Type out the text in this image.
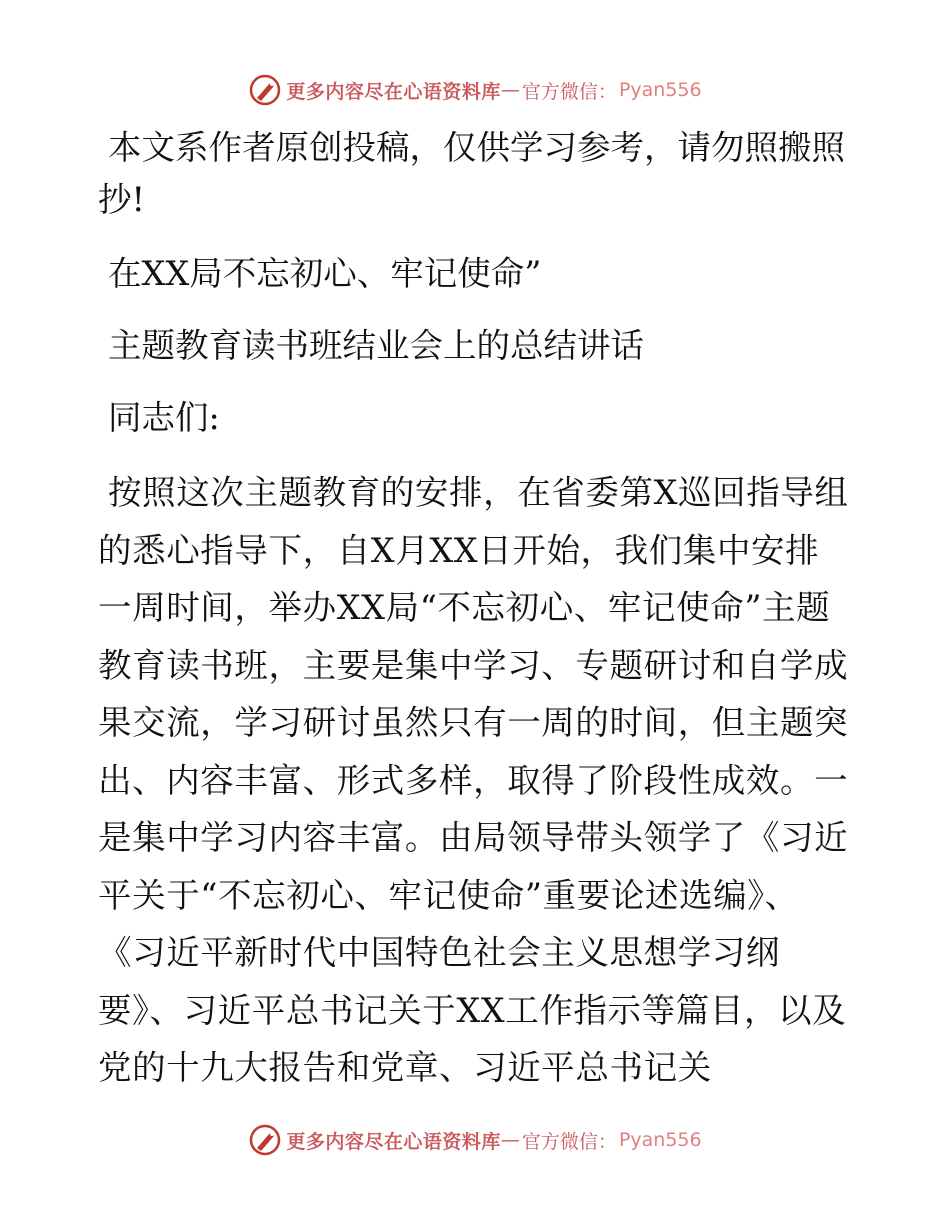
更多内容尽在心语资料库 — 官方微信： Pyan556

本文系作者原创投稿，仅供学习参考，请勿照搬照抄!

在XX局不忘初心、牢记使命”

主题教育读书班结业会上的总结讲话

同志们:

按照这次主题教育的安排，在省委第X巡回指导组的悉心指导下，自X月XX日开始，我们集中安排一周时间，举办XX局“不忘初心、牢记使命”主题教育读书班，主要是集中学习、专题研讨和自学成果交流，学习研讨虽然只有一周的时间，但主题突出、内容丰富、形式多样，取得了阶段性成效。一是集中学习内容丰富。由局领导带头领学了《习近平关于“不忘初心、牢记使命”重要论述选编》、《习近平新时代中国特色社会主义思想学习纲要》、习近平总书记关于XX工作指示等篇目，以及党的十九大报告和党章、习近平总书记关

更多内容尽在心语资料库 — 官方微信： Pyan556
